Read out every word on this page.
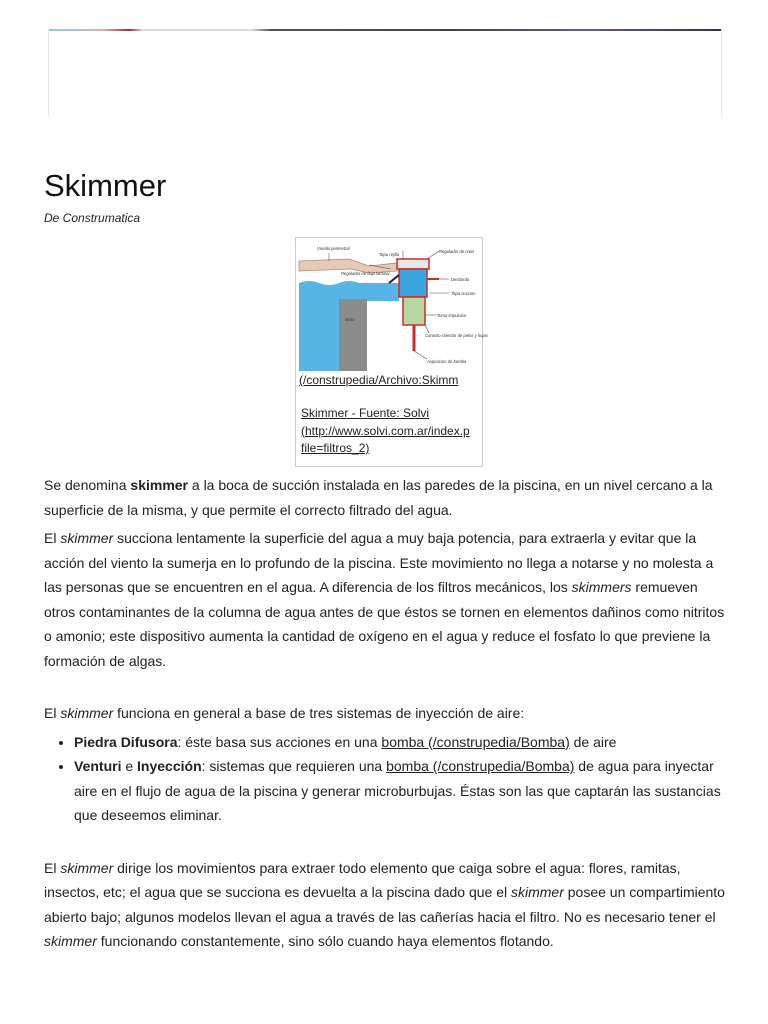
Skimmer
De Construmatica
Varella perimetral
Tapa rejilla
Regulador de flujo laminar
Regulador de nivel
Desbordo
Tapa succion
Muro
Toma impulsion
Canasto colector de pelos y hojas
Aspiracion de bomba
(/construpedia/Archivo:Skimm
Skimmer - Fuente: Solvi
(http://www.solvi.com.ar/index.p
file=filtros_2)

Se denomina skimmer a la boca de succión instalada en las paredes de la piscina, en un nivel cercano a la superficie de la misma, y que permite el correcto filtrado del agua.

El skimmer succiona lentamente la superficie del agua a muy baja potencia, para extraerla y evitar que la acción del viento la sumerja en lo profundo de la piscina. Este movimiento no llega a notarse y no molesta a las personas que se encuentren en el agua. A diferencia de los filtros mecánicos, los skimmers remueven otros contaminantes de la columna de agua antes de que éstos se tornen en elementos dañinos como nitritos o amonio; este dispositivo aumenta la cantidad de oxígeno en el agua y reduce el fosfato lo que previene la formación de algas.

El skimmer funciona en general a base de tres sistemas de inyección de aire:

• Piedra Difusora: éste basa sus acciones en una bomba (/construpedia/Bomba) de aire
• Venturi e Inyección: sistemas que requieren una bomba (/construpedia/Bomba) de agua para inyectar aire en el flujo de agua de la piscina y generar microburbujas. Éstas son las que captarán las sustancias que deseemos eliminar.

El skimmer dirige los movimientos para extraer todo elemento que caiga sobre el agua: flores, ramitas, insectos, etc; el agua que se succiona es devuelta a la piscina dado que el skimmer posee un compartimiento abierto bajo; algunos modelos llevan el agua a través de las cañerías hacia el filtro. No es necesario tener el skimmer funcionando constantemente, sino sólo cuando haya elementos flotando.
